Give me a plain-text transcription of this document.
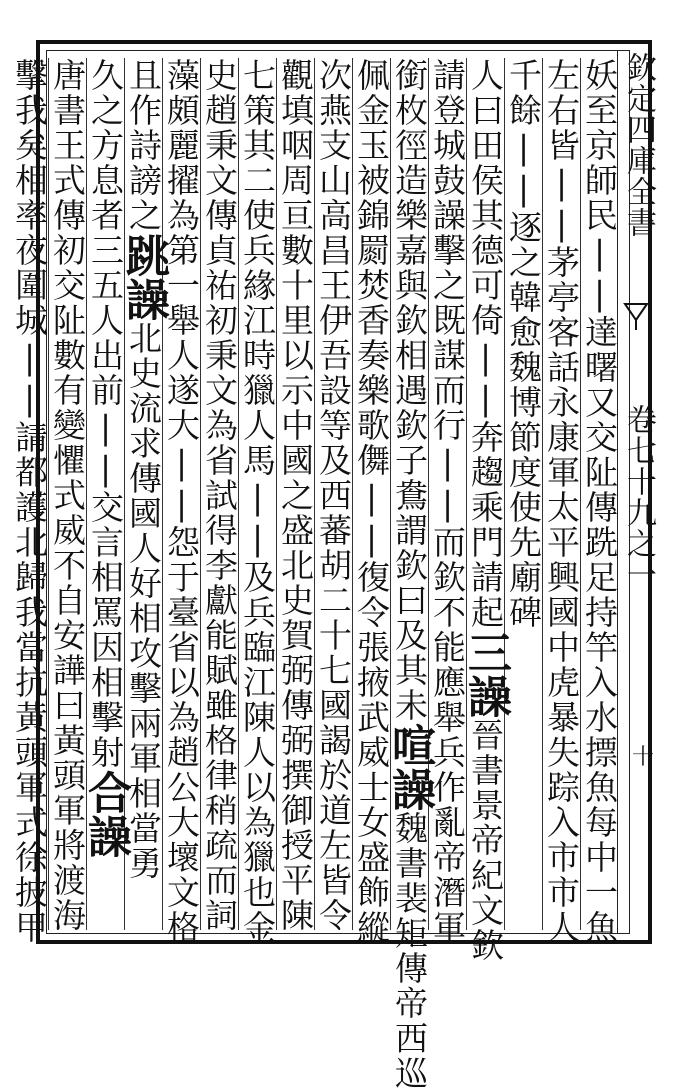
欽定四庫全書
卷七十九之一
十
妖至京師民||達曙又交阯傳跣足持竿入水摽魚每中一魚
左右皆||茅亭客話永康軍太平興國中虎暴失踪入市市人
千餘||逐之韓愈魏博節度使先廟碑
人曰田侯其德可倚||奔趨乘門請起三譟晉書景帝紀文欽
請登城鼓譟擊之既謀而行||而欽不能應舉兵作亂帝潛軍
銜枚徑造樂嘉與欽相遇欽子鴦謂欽曰及其未喧譟魏書裴矩傳帝西巡
佩金玉被錦罽焚香奏樂歌儛||復令張掖武威士女盛飾縱
次燕支山高昌王伊吾設等及西蕃胡二十七國謁於道左皆令
觀填咽周亘數十里以示中國之盛北史賀弼傳弼撰御授平陳
七策其二使兵緣江時獵人馬||及兵臨江陳人以為獵也金
史趙秉文傳貞祐初秉文為省試得李獻能賦雖格律稍疏而詞
藻頗麗擢為第一舉人遂大||怨于臺省以為趙公大壞文格
且作詩謗之跳譟北史流求傳國人好相攻擊兩軍相當勇
久之方息者三五人出前||交言相罵因相擊射合譟
唐書王式傳初交阯數有變懼式威不自安譁曰黃頭軍將渡海
擊我矣相率夜圍城||請都護北歸我當抗黃頭軍式徐披甲
